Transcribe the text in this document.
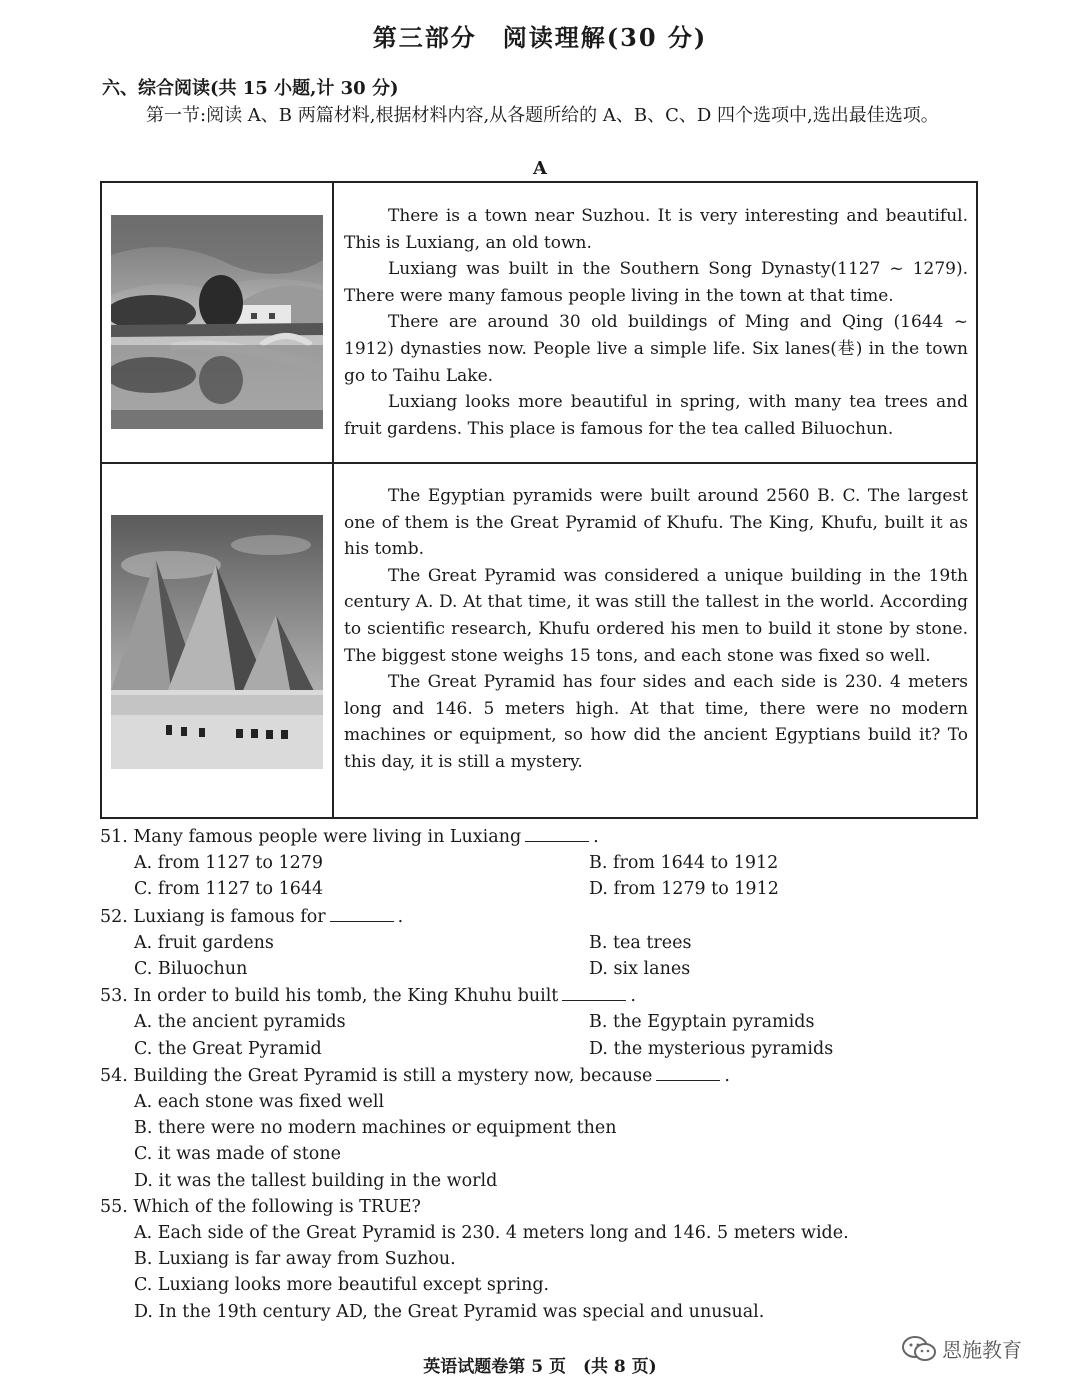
第三部分　阅读理解(30 分)
六、综合阅读(共 15 小题,计 30 分)
第一节:阅读 A、B 两篇材料,根据材料内容,从各题所给的 A、B、C、D 四个选项中,选出最佳选项。
A

There is a town near Suzhou. It is very interesting and beautiful. This is Luxiang, an old town.

Luxiang was built in the Southern Song Dynasty(1127 ~ 1279). There were many famous people living in the town at that time.

There are around 30 old buildings of Ming and Qing (1644 ~ 1912) dynasties now. People live a simple life. Six lanes(巷) in the town go to Taihu Lake.

Luxiang looks more beautiful in spring, with many tea trees and fruit gardens. This place is famous for the tea called Biluochun.

The Egyptian pyramids were built around 2560 B. C. The largest one of them is the Great Pyramid of Khufu. The King, Khufu, built it as his tomb.

The Great Pyramid was considered a unique building in the 19th century A. D. At that time, it was still the tallest in the world. According to scientific research, Khufu ordered his men to build it stone by stone. The biggest stone weighs 15 tons, and each stone was fixed so well.

The Great Pyramid has four sides and each side is 230. 4 meters long and 146. 5 meters high. At that time, there were no modern machines or equipment, so how did the ancient Egyptians build it? To this day, it is still a mystery.

51. Many famous people were living in Luxiang	.
A. from 1127 to 1279	B. from 1644 to 1912
C. from 1127 to 1644	D. from 1279 to 1912
52. Luxiang is famous for	.
A. fruit gardens	B. tea trees
C. Biluochun	D. six lanes
53. In order to build his tomb, the King Khuhu built	.
A. the ancient pyramids	B. the Egyptain pyramids
C. the Great Pyramid	D. the mysterious pyramids
54. Building the Great Pyramid is still a mystery now, because	.
A. each stone was fixed well
B. there were no modern machines or equipment then
C. it was made of stone
D. it was the tallest building in the world
55. Which of the following is TRUE?
A. Each side of the Great Pyramid is 230. 4 meters long and 146. 5 meters wide.
B. Luxiang is far away from Suzhou.
C. Luxiang looks more beautiful except spring.
D. In the 19th century AD, the Great Pyramid was special and unusual.
英语试题卷第 5 页　(共 8 页)
恩施教育
